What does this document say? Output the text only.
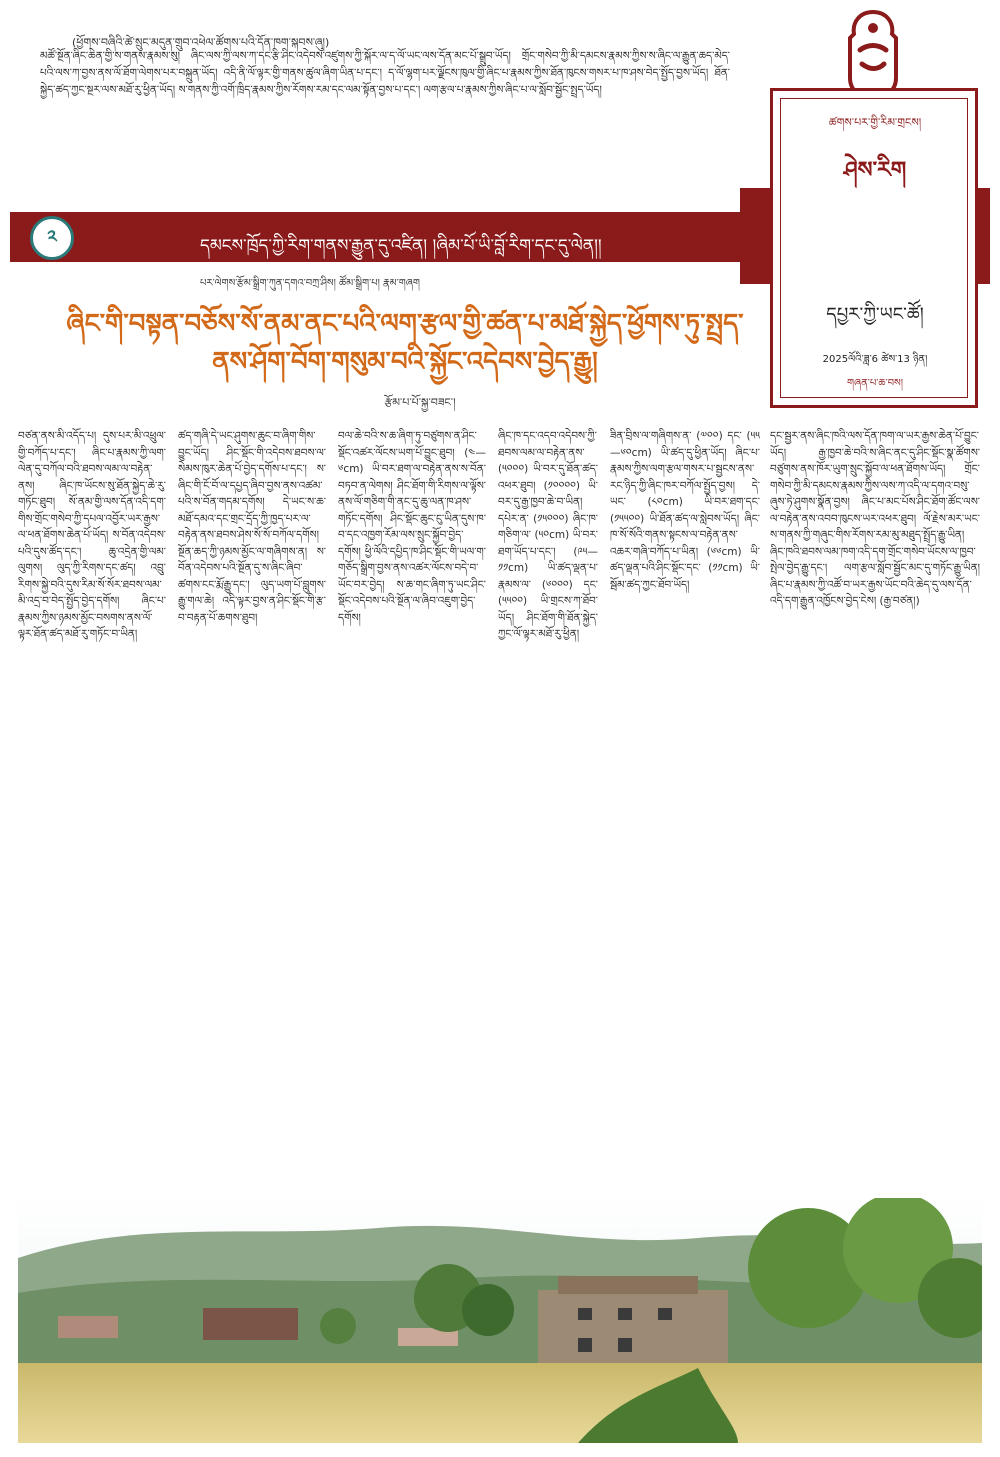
(ཕྱོགས་བཞིའི་ཚེ་སྲུང་མདུན་གྲུབ་འཕེལ་ཚོགས་པའི་དོན་ཁག་སྐབས་ཞུ།)
མཚོ་སྔོན་ཞིང་ཆེན་གྱི་ས་གནས་རྣམས་སུ། ཞིང་ལས་ཀྱི་ལས་ཀ་དང་རྩི་ཤིང་འདེབས་འཛུགས་ཀྱི་སྐོར་ལ་ད་ལོ་ཡང་ལས་དོན་མང་པོ་སྒྲུབ་ཡོད། གྲོང་གསེབ་ཀྱི་མི་དམངས་རྣམས་ཀྱིས་ས་ཞིང་ལ་རྒྱུན་ཆད་མེད་པའི་ལས་ཀ་བྱས་ནས་ལོ་ཐོག་ལེགས་པར་བསྐྲུན་ཡོད། འདི་ནི་ལོ་ལྟར་གྱི་གནས་ཚུལ་ཞིག་ཡིན་པ་དང་། ད་ལོ་ལྷག་པར་ལྗོངས་ཁུལ་གྱི་ཞིང་པ་རྣམས་ཀྱིས་ཐོན་ཁུངས་གསར་པ་ཁ་ཤས་བེད་སྤྱོད་བྱས་ཡོད། ཐོན་སྐྱེད་ཚད་ཀྱང་སྔར་ལས་མཐོ་རུ་ཕྱིན་ཡོད། ས་གནས་ཀྱི་འགོ་ཁྲིད་རྣམས་ཀྱིས་རོགས་རམ་དང་ལམ་སྟོན་བྱས་པ་དང་། ལག་རྩལ་པ་རྣམས་ཀྱིས་ཞིང་པ་ལ་སློབ་སྦྱོང་སྤྲད་ཡོད།
ཚགས་པར་གྱི་རིམ་གྲངས།
ཤེས་རིག
ཞིང་ཁའི་རྩི་ཤིང་ཡོངས།
དཔྱར་ཀྱི་ཡང་ཚོ།
2025ལོའི་ཟླ་6 ཚེས་13 ཉིན།
གཞན་པ་ཆ་བས།
༢	དམངས་ཁྲོད་ཀྱི་རིག་གནས་རྒྱུན་དུ་འཛིན། །ཞིམ་པོ་ཡི་བློ་རིག་དང་དུ་ལེན།།
པར་ལེགས་རྩོམ་སྒྲིག་ཀུན་དགའ་བཀྲ་ཤིས། ཚོམ་སྒྲིག་པ། རྣམ་གཞག
ཞིང་གི་བསྟན་བཅོས་སོ་ནམ་ནང་པའི་ལག་རྩལ་གྱི་ཚན་པ་མཐོ་སྐྱེད་ཕྱོགས་ཏུ་སྤྲད་ནས་ཤོག་བོག་གསུམ་བའི་སྐྱོང་འདེབས་བྱེད་རྒྱུ།
རྩོམ་པ་པོ་སྐྱ་བཟང་།
བཙན་ནས་མི་འདོད་པ། དུས་པར་མི་འཕྲུལ་གྱི་བཀོད་པ་དང་། ཞིང་པ་རྣམས་ཀྱི་ལག་ལེན་དུ་བཀོལ་བའི་ཐབས་ལམ་ལ་བརྟེན་ནས། ཞིང་ཁ་ཡོངས་སུ་ཐོན་སྐྱེད་ཆེ་རུ་གཏོང་ཐུབ། སོ་ནམ་གྱི་ལས་དོན་འདི་དག་གིས་གྲོང་གསེབ་ཀྱི་དཔལ་འབྱོར་ཡར་རྒྱས་ལ་ཕན་ཐོགས་ཆེན་པོ་ཡོད། ས་བོན་འདེབས་པའི་དུས་ཚོད་དང་། ཆུ་འདྲེན་གྱི་ལམ་ལུགས། ལུད་ཀྱི་རིགས་དང་ཚད། འབྲུ་རིགས་སྐྱེ་བའི་དུས་རིམ་སོ་སོར་ཐབས་ལམ་མི་འདྲ་བ་བེད་སྤྱོད་བྱེད་དགོས། ཞིང་པ་རྣམས་ཀྱིས་ཉམས་མྱོང་བསགས་ནས་ལོ་ལྟར་ཐོན་ཚད་མཐོ་རུ་གཏོང་བ་ཡིན།
ཚད་གཞི་དེ་ཡང་ཤུགས་ཆུང་བ་ཞིག་གིས་བྱུང་ཡོད། ཤིང་སྡོང་གི་འདེབས་ཐབས་ལ་སེམས་ཁུར་ཆེན་པོ་བྱེད་དགོས་པ་དང་། ས་ཞིང་གི་ངོ་བོ་ལ་དཔྱད་ཞིབ་བྱས་ནས་འཚམ་པའི་ས་བོན་གདམ་དགོས། དེ་ཡང་ས་ཆ་མཐོ་དམའ་དང་གྲང་དྲོད་ཀྱི་ཁྱད་པར་ལ་བརྟེན་ནས་ཐབས་ཤེས་སོ་སོ་བཀོལ་དགོས། སྔོན་ཆད་ཀྱི་ཉམས་མྱོང་ལ་གཞིགས་ན། ས་བོན་འདེབས་པའི་སྔོན་དུ་ས་ཞིང་ཞིབ་ཚགས་ངང་རྨོ་རྒྱུ་དང་། ལུད་ཡག་པོ་བླུགས་རྒྱུ་གལ་ཆེ། འདི་ལྟར་བྱས་ན་ཤིང་སྡོང་གི་རྩ་བ་བརྟན་པོ་ཆགས་ཐུབ།
བལ་ཆེ་བའི་ས་ཆ་ཞིག་ཏུ་བཙུགས་ན་ཤིང་སྡོང་འཚར་ལོངས་ཡག་པོ་བྱུང་ཐུབ། (༤—༦cm) ཡི་བར་ཐག་ལ་བརྟེན་ནས་ས་བོན་བཏབ་ན་ལེགས། ཤིང་ཐོག་གི་རིགས་ལ་ལྟོས་ནས་ལོ་གཅིག་གི་ནང་དུ་ཆུ་ལན་ཁ་ཤས་གཏོང་དགོས། ཤིང་སྡོང་ཆུང་ངུ་ཡིན་དུས་ཁ་བ་དང་འཁྱག་རོམ་ལས་སྲུང་སྐྱོབ་བྱེད་དགོས། ཕྱི་ལོའི་དཔྱིད་ཁ་ཤིང་སྡོང་གི་ཡལ་ག་གཅོད་སྒྲིག་བྱས་ནས་འཚར་ལོངས་བདེ་བ་ཡོང་བར་བྱེད། ས་ཆ་གང་ཞིག་ཏུ་ཡང་ཤིང་སྡོང་འདེབས་པའི་སྔོན་ལ་ཞིབ་འཇུག་བྱེད་དགོས།
ཞིང་ཁ་དང་འདབ་འདེབས་ཀྱི་ཐབས་ལམ་ལ་བརྟེན་ནས་ (༥༠༠༠) ཡི་བར་དུ་ཐོན་ཚད་འཕར་ཐུབ། (༡༠༠༠༠) ཡི་བར་དུ་རྒྱ་ཁྱབ་ཆེ་བ་ཡིན། དཔེར་ན་ (༡༥༠༠༠) ཞིང་ཁ་གཅིག་ལ་ (༥༠cm) ཡི་བར་ཐག་ཡོད་པ་དང་། (༩༥—༡༡cm) ཡི་ཚད་ལྡན་པ་རྣམས་ལ་ (༦༠༠༠) དང་ (༥༥༠༠) ཡི་གྲངས་ཀ་ཐོབ་ཡོད། ཤིང་ཐོག་གི་ཐོན་སྐྱེད་ཀྱང་ལོ་ལྟར་མཐོ་རུ་ཕྱིན།
ཟིན་བྲིས་ལ་གཞིགས་ན་ (༧༠༠) དང་ (༥༥—༦༠cm) ཡི་ཚད་དུ་ཕྱིན་ཡོད། ཞིང་པ་རྣམས་ཀྱིས་ལག་རྩལ་གསར་པ་སྦྱངས་ནས་རང་ཉིད་ཀྱི་ཞིང་ཁར་བཀོལ་སྤྱོད་བྱས། དེ་ཡང་ (༨༠cm) ཡི་བར་ཐག་དང་ (༡༥༥༠༠) ཡི་ཐོན་ཚད་ལ་སླེབས་ཡོད། ཞིང་ཁ་སོ་སོའི་གནས་སྟངས་ལ་བརྟེན་ནས་འཆར་གཞི་བཀོད་པ་ཡིན། (༦༦cm) ཡི་ཚད་ལྡན་པའི་ཤིང་སྡོང་དང་ (༡༡cm) ཡི་སྦོམ་ཚད་ཀྱང་ཐོབ་ཡོད།
དང་སྦྱར་ནས་ཞིང་ཁའི་ལས་དོན་ཁག་ལ་ཡར་རྒྱས་ཆེན་པོ་བྱུང་ཡོད། རྒྱ་ཁྱབ་ཆེ་བའི་ས་ཞིང་ནང་དུ་ཤིང་སྡོང་སྣ་ཚོགས་བཙུགས་ནས་ཁོར་ཡུག་སྲུང་སྐྱོབ་ལ་ཕན་ཐོགས་ཡོད། གྲོང་གསེབ་ཀྱི་མི་དམངས་རྣམས་ཀྱིས་ལས་ཀ་འདི་ལ་དགའ་བསུ་ཞུས་ཏེ་ཤུགས་སྣོན་བྱས། ཞིང་པ་མང་པོས་ཤིང་ཐོག་ཚོང་ལས་ལ་བརྟེན་ནས་འབབ་ཁུངས་ཡར་འཕར་ཐུབ། ལོ་རྗེས་མར་ཡང་ས་གནས་ཀྱི་གཞུང་གིས་རོགས་རམ་མུ་མཐུད་སྤྲོད་རྒྱུ་ཡིན། ཞིང་ཁའི་ཐབས་ལམ་ཁག་འདི་དག་གྲོང་གསེབ་ཡོངས་ལ་ཁྱབ་སྤེལ་བྱེད་རྒྱུ་དང་། ལག་རྩལ་སློབ་སྦྱོང་མང་དུ་གཏོང་རྒྱུ་ཡིན། ཞིང་པ་རྣམས་ཀྱི་འཚོ་བ་ཡར་རྒྱས་ཡོང་བའི་ཆེད་དུ་ལས་དོན་འདི་དག་རྒྱུན་འཁྱོངས་བྱེད་ངེས། (རྒྱ་བཙན།)
